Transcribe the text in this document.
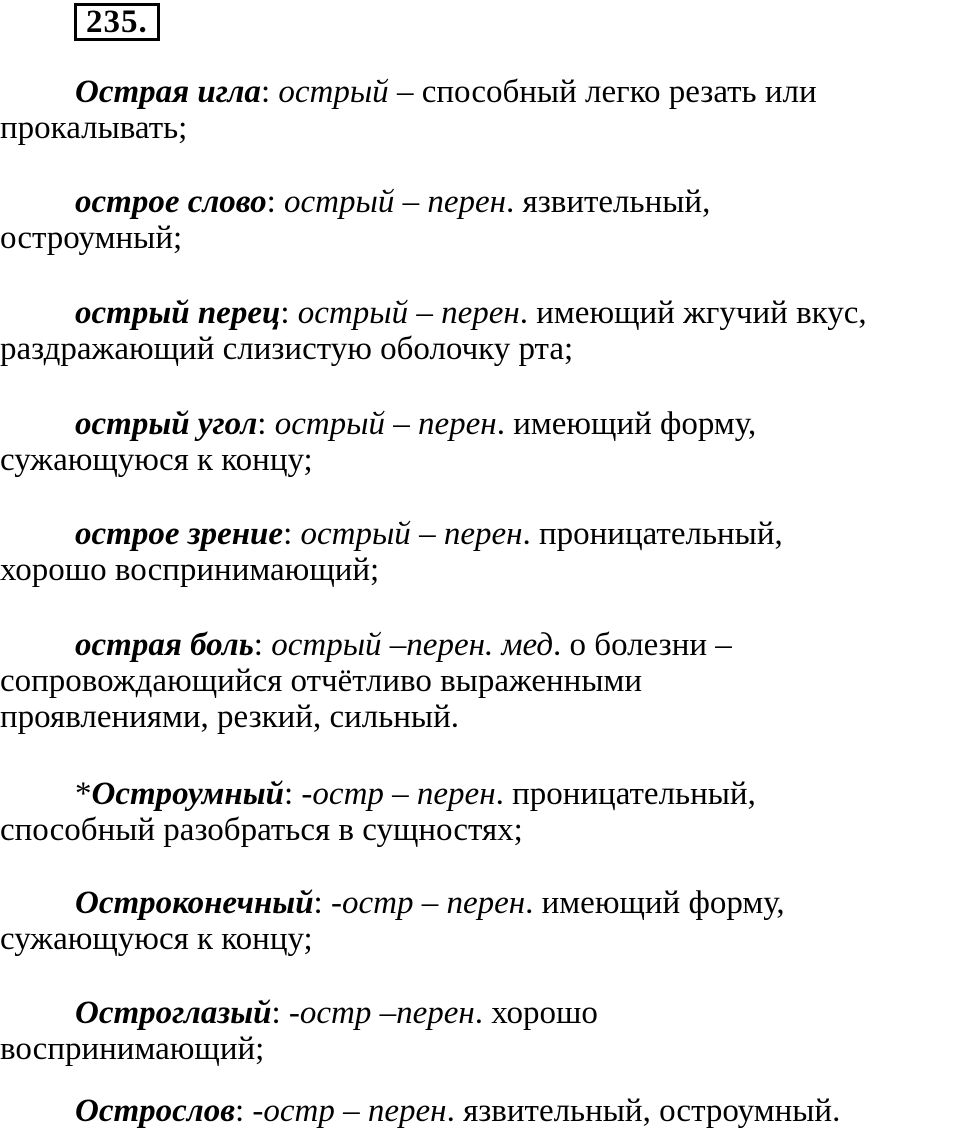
235.

Острая игла: острый – способный легко резать или
прокалывать;

острое слово: острый – перен. язвительный,
остроумный;

острый перец: острый – перен. имеющий жгучий вкус,
раздражающий слизистую оболочку рта;

острый угол: острый – перен. имеющий форму,
сужающуюся к концу;

острое зрение: острый – перен. проницательный,
хорошо воспринимающий;

острая боль: острый –перен. мед. о болезни –
сопровождающийся отчётливо выраженными
проявлениями, резкий, сильный.

*Остроумный: -остр – перен. проницательный,
способный разобраться в сущностях;

Остроконечный: -остр – перен. имеющий форму,
сужающуюся к концу;

Остроглазый: -остр –перен. хорошо
воспринимающий;

Острослов: -остр – перен. язвительный, остроумный.
